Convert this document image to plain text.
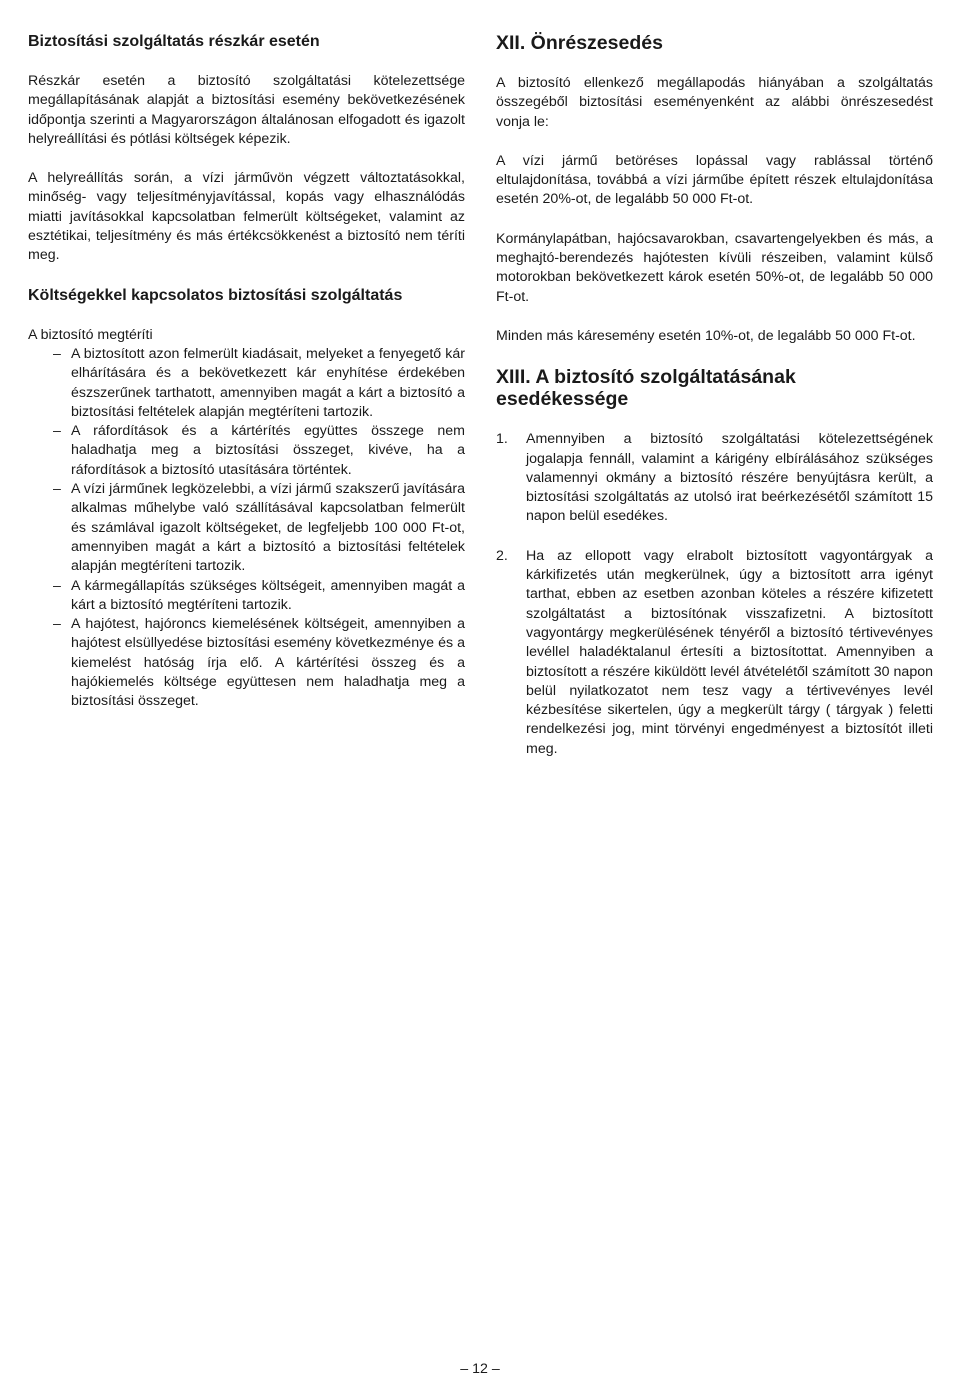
Biztosítási szolgáltatás részkár esetén

Részkár esetén a biztosító szolgáltatási kötelezettsége megállapításának alapját a biztosítási esemény bekövetkezésének időpontja szerinti a Magyarországon általánosan elfogadott és igazolt helyreállítási és pótlási költségek képezik.

A helyreállítás során, a vízi járművön végzett változtatásokkal, minőség- vagy teljesítményjavítással, kopás vagy elhasználódás miatti javításokkal kapcsolatban felmerült költségeket, valamint az esztétikai, teljesítmény és más értékcsökkenést a biztosító nem téríti meg.

Költségekkel kapcsolatos biztosítási szolgáltatás

A biztosító megtéríti

– A biztosított azon felmerült kiadásait, melyeket a fenyegető kár elhárítására és a bekövetkezett kár enyhítése érdekében észszerűnek tarthatott, amennyiben magát a kárt a biztosító a biztosítási feltételek alapján megtéríteni tartozik.
– A ráfordítások és a kártérítés együttes összege nem haladhatja meg a biztosítási összeget, kivéve, ha a ráfordítások a biztosító utasítására történtek.
– A vízi járműnek legközelebbi, a vízi jármű szakszerű javítására alkalmas műhelybe való szállításával kapcsolatban felmerült és számlával igazolt költségeket, de legfeljebb 100 000 Ft-ot, amennyiben magát a kárt a biztosító a biztosítási feltételek alapján megtéríteni tartozik.
– A kármegállapítás szükséges költségeit, amennyiben magát a kárt a biztosító megtéríteni tartozik.
– A hajótest, hajóroncs kiemelésének költségeit, amennyiben a hajótest elsüllyedése biztosítási esemény következménye és a kiemelést hatóság írja elő. A kártérítési összeg és a hajókiemelés költsége együttesen nem haladhatja meg a biztosítási összeget.
XII. Önrészesedés

A biztosító ellenkező megállapodás hiányában a szolgáltatás összegéből biztosítási eseményenként az alábbi önrészesedést vonja le:

A vízi jármű betöréses lopással vagy rablással történő eltulajdonítása, továbbá a vízi járműbe épített részek eltulajdonítása esetén 20%-ot, de legalább 50 000 Ft-ot.

Kormánylapátban, hajócsavarokban, csavartengelyekben és más, a meghajtó-berendezés hajótesten kívüli részeiben, valamint külső motorokban bekövetkezett károk esetén 50%-ot, de legalább 50 000 Ft-ot.

Minden más káresemény esetén 10%-ot, de legalább 50 000 Ft-ot.

XIII. A biztosító szolgáltatásának esedékessége
1. Amennyiben a biztosító szolgáltatási kötelezettségének jogalapja fennáll, valamint a kárigény elbírálásához szükséges valamennyi okmány a biztosító részére benyújtásra került, a biztosítási szolgáltatás az utolsó irat beérkezésétől számított 15 napon belül esedékes.
2. Ha az ellopott vagy elrabolt biztosított vagyontárgyak a kárkifizetés után megkerülnek, úgy a biztosított arra igényt tarthat, ebben az esetben azonban köteles a részére kifizetett szolgáltatást a biztosítónak visszafizetni. A biztosított vagyontárgy megkerülésének tényéről a biztosító tértivevényes levéllel haladéktalanul értesíti a biztosítottat. Amennyiben a biztosított a részére kiküldött levél átvételétől számított 30 napon belül nyilatkozatot nem tesz vagy a tértivevényes levél kézbesítése sikertelen, úgy a megkerült tárgy ( tárgyak ) feletti rendelkezési jog, mint törvényi engedményest a biztosítót illeti meg.
– 12 –
